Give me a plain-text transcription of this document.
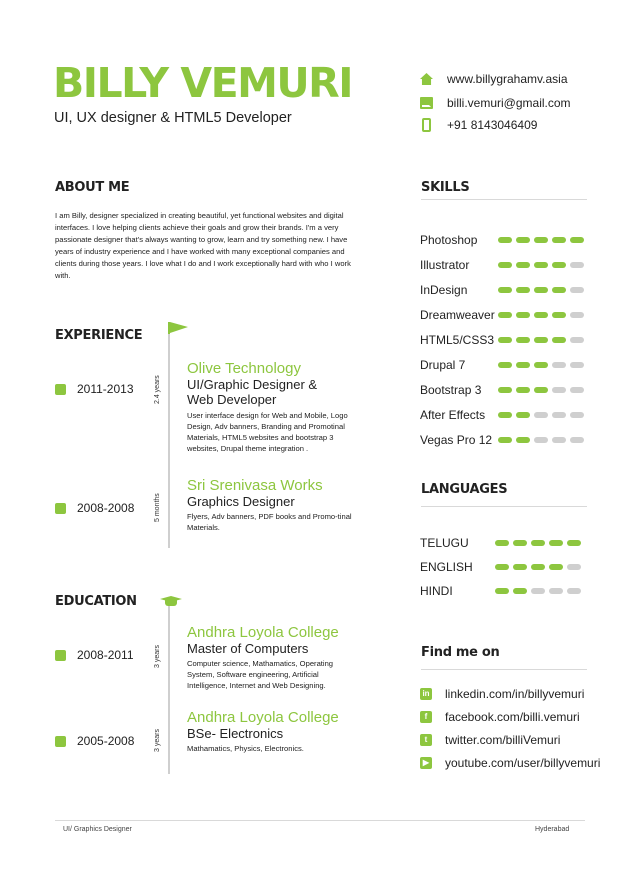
BILLY VEMURI
UI, UX designer & HTML5 Developer
www.billygrahamv.asia
billi.vemuri@gmail.com
+91 8143046409
ABOUT ME
I am Billy, designer specialized in creating beautiful, yet functional websites and digital interfaces. I love helping clients achieve their goals and grow their brands. I'm a very passionate designer that's always wanting to grow, learn and try something new. I have years of industry experience and I have worked with many exceptional companies and clients during those years. I love what I do and I work exceptionally hard with who I work with.
EXPERIENCE
2011-2013	2.4 years
Olive Technology
UI/Graphic Designer &
Web Developer
User interface design for Web and Mobile, Logo Design, Adv banners, Branding and Promotinal Materials, HTML5 websites and bootstrap 3 websites, Drupal theme integration .
2008-2008	5 months
Sri Srenivasa Works
Graphics Designer
Flyers, Adv banners, PDF books and Promo-tinal Materials.
EDUCATION
2008-2011	3 years
Andhra Loyola College
Master of Computers
Computer science, Mathamatics, Operating System, Software engineering, Artificial Intelligence, Internet and Web Designing.
2005-2008	3 years
Andhra Loyola College
BSe- Electronics
Mathamatics, Physics, Electronics.
SKILLS
Photoshop
Illustrator
InDesign
Dreamweaver
HTML5/CSS3
Drupal 7
Bootstrap 3
After Effects
Vegas Pro 12
LANGUAGES
TELUGU
ENGLISH
HINDI
Find me on
in linkedin.com/in/billyvemuri
f	facebook.com/billi.vemuri
t	twitter.com/billiVemuri
▶ youtube.com/user/billyvemuri
UI/ Graphics Designer	Hyderabad
